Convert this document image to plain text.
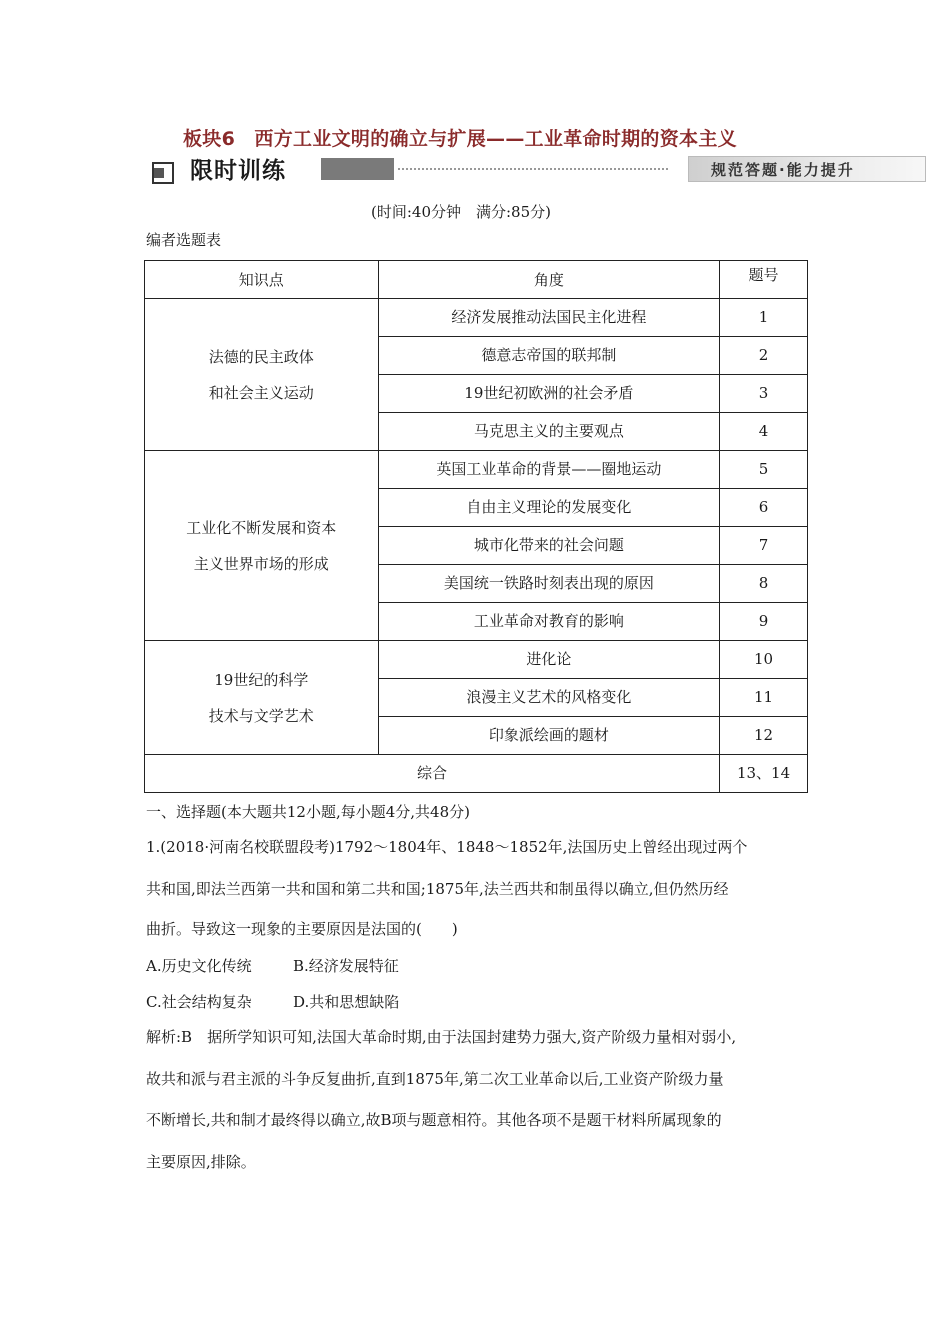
板块6　西方工业文明的确立与扩展——工业革命时期的资本主义
限时训练	规范答题·能力提升
(时间:40分钟　满分:85分)
编者选题表
知识点	角度	题号

法德的民主政体
和社会主义运动	经济发展推动法国民主化进程	1
	德意志帝国的联邦制	2
	19世纪初欧洲的社会矛盾	3
	马克思主义的主要观点	4

工业化不断发展和资本
主义世界市场的形成	英国工业革命的背景——圈地运动	5
	自由主义理论的发展变化	6
	城市化带来的社会问题	7
	美国统一铁路时刻表出现的原因	8
	工业革命对教育的影响	9

19世纪的科学
技术与文学艺术	进化论	10
	浪漫主义艺术的风格变化	11
	印象派绘画的题材	12
综合		13、14
一、选择题(本大题共12小题,每小题4分,共48分)
1.(2018·河南名校联盟段考)1792～1804年、1848～1852年,法国历史上曾经出现过两个
共和国,即法兰西第一共和国和第二共和国;1875年,法兰西共和制虽得以确立,但仍然历经
曲折。导致这一现象的主要原因是法国的(　　)
A.历史文化传统	B.经济发展特征
C.社会结构复杂	D.共和思想缺陷
解析:B　据所学知识可知,法国大革命时期,由于法国封建势力强大,资产阶级力量相对弱小,
故共和派与君主派的斗争反复曲折,直到1875年,第二次工业革命以后,工业资产阶级力量
不断增长,共和制才最终得以确立,故B项与题意相符。其他各项不是题干材料所属现象的
主要原因,排除。
